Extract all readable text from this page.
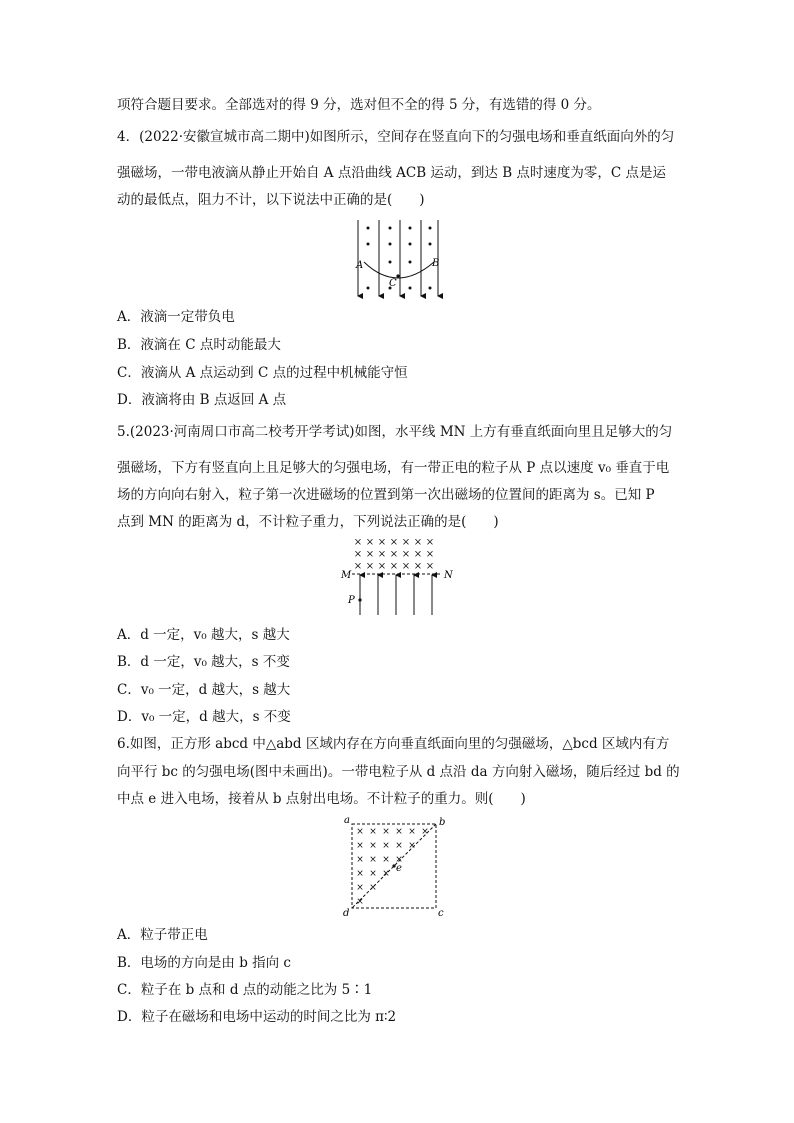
项符合题目要求。全部选对的得 9 分，选对但不全的得 5 分，有选错的得 0 分。
4．(2022·安徽宣城市高二期中)如图所示，空间存在竖直向下的匀强电场和垂直纸面向外的匀
强磁场，一带电液滴从静止开始自 A 点沿曲线 ACB 运动，到达 B 点时速度为零，C 点是运
动的最低点，阻力不计，以下说法中正确的是(　　)
A	B
C
A．液滴一定带负电
B．液滴在 C 点时动能最大
C．液滴从 A 点运动到 C 点的过程中机械能守恒
D．液滴将由 B 点返回 A 点
5.(2023·河南周口市高二校考开学考试)如图，水平线 MN 上方有垂直纸面向里且足够大的匀
强磁场，下方有竖直向上且足够大的匀强电场，有一带正电的粒子从 P 点以速度 v₀ 垂直于电
场的方向向右射入，粒子第一次进磁场的位置到第一次出磁场的位置间的距离为 s。已知 P
点到 MN 的距离为 d，不计粒子重力，下列说法正确的是(　　)
× × × × × × ×
× × × × × × ×
× × × × × × ×
M	N
P
A．d 一定，v₀ 越大，s 越大
B．d 一定，v₀ 越大，s 不变
C．v₀ 一定，d 越大，s 越大
D．v₀ 一定，d 越大，s 不变
6.如图，正方形 abcd 中△abd 区域内存在方向垂直纸面向里的匀强磁场，△bcd 区域内有方
向平行 bc 的匀强电场(图中未画出)。一带电粒子从 d 点沿 da 方向射入磁场，随后经过 bd 的
中点 e 进入电场，接着从 b 点射出电场。不计粒子的重力。则(　　)
× × × × × ×
× × × × ×
× × × ×
× × ×
× ×
×
e
a	b
c
d
A．粒子带正电
B．电场的方向是由 b 指向 c
C．粒子在 b 点和 d 点的动能之比为 5∶1
D．粒子在磁场和电场中运动的时间之比为 π∶2
